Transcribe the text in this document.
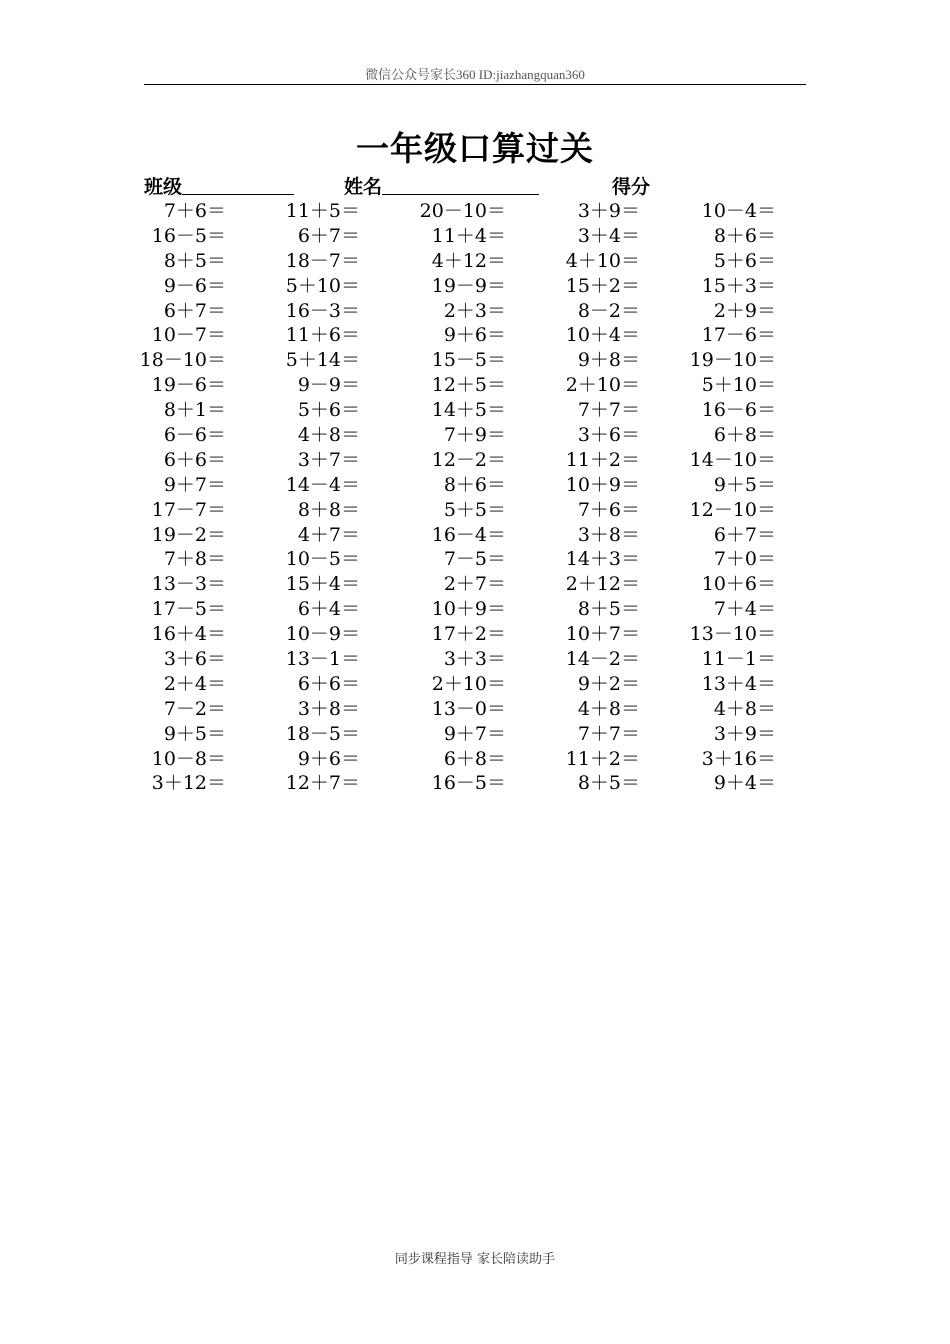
微信公众号家长360 ID:jiazhangquan360
一年级口算过关
班级	姓名	得分
7＋6＝	11＋5＝	20－10＝	3＋9＝	10－4＝
16－5＝	6＋7＝	11＋4＝	3＋4＝	8＋6＝
8＋5＝	18－7＝	4＋12＝	4＋10＝	5＋6＝
9－6＝	5＋10＝	19－9＝	15＋2＝	15＋3＝
6＋7＝	16－3＝	2＋3＝	8－2＝	2＋9＝
10－7＝	11＋6＝	9＋6＝	10＋4＝	17－6＝
18－10＝	5＋14＝	15－5＝	9＋8＝	19－10＝
19－6＝	9－9＝	12＋5＝	2＋10＝	5＋10＝
8＋1＝	5＋6＝	14＋5＝	7＋7＝	16－6＝
6－6＝	4＋8＝	7＋9＝	3＋6＝	6＋8＝
6＋6＝	3＋7＝	12－2＝	11＋2＝	14－10＝
9＋7＝	14－4＝	8＋6＝	10＋9＝	9＋5＝
17－7＝	8＋8＝	5＋5＝	7＋6＝	12－10＝
19－2＝	4＋7＝	16－4＝	3＋8＝	6＋7＝
7＋8＝	10－5＝	7－5＝	14＋3＝	7＋0＝
13－3＝	15＋4＝	2＋7＝	2＋12＝	10＋6＝
17－5＝	6＋4＝	10＋9＝	8＋5＝	7＋4＝
16＋4＝	10－9＝	17＋2＝	10＋7＝	13－10＝
3＋6＝	13－1＝	3＋3＝	14－2＝	11－1＝
2＋4＝	6＋6＝	2＋10＝	9＋2＝	13＋4＝
7－2＝	3＋8＝	13－0＝	4＋8＝	4＋8＝
9＋5＝	18－5＝	9＋7＝	7＋7＝	3＋9＝
10－8＝	9＋6＝	6＋8＝	11＋2＝	3＋16＝
3＋12＝	12＋7＝	16－5＝	8＋5＝	9＋4＝
同步课程指导 家长陪读助手
